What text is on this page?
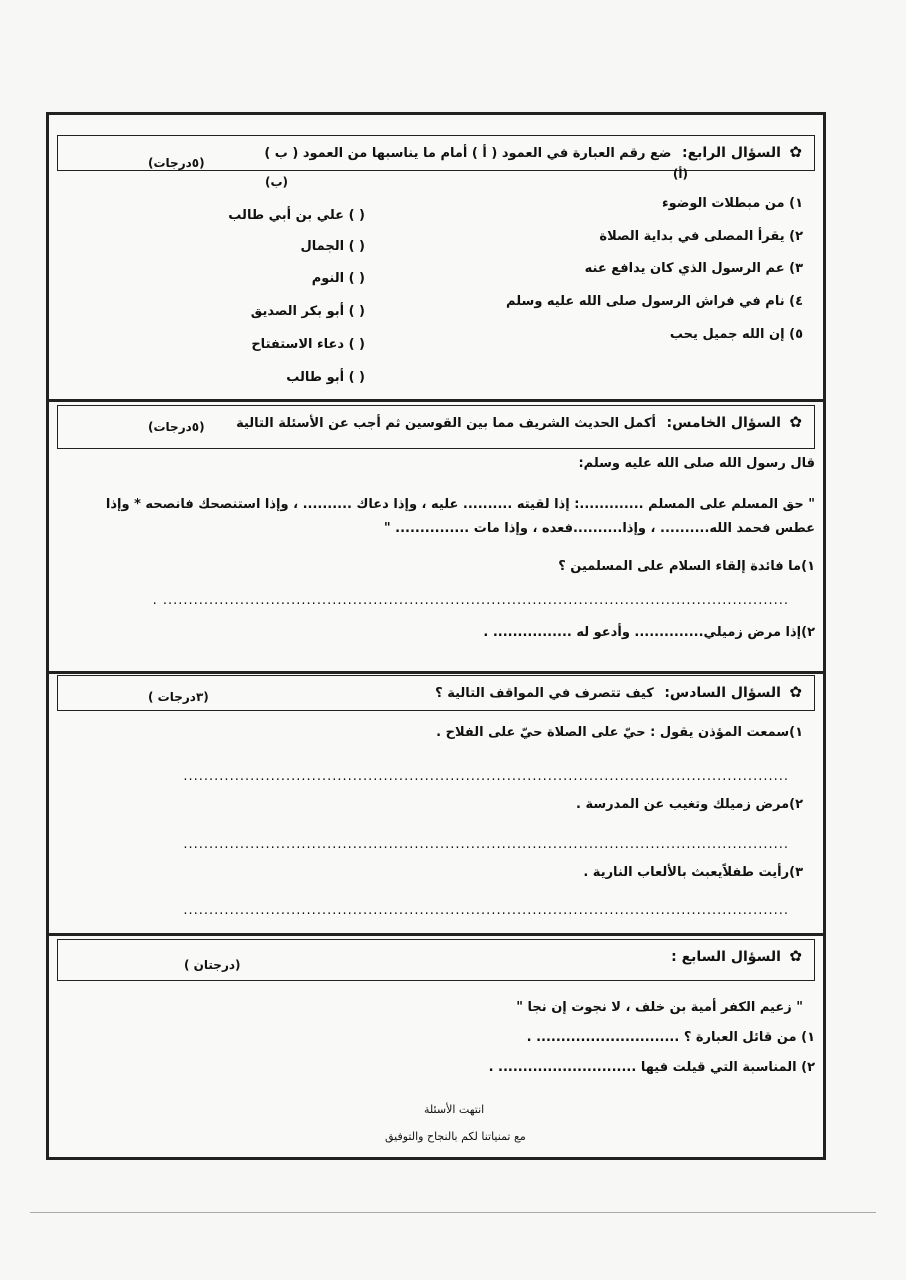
✿ السؤال الرابع: ضع رقم العبارة في العمود ( أ ) أمام ما يناسبها من العمود ( ب )
(٥درجات)
(أ)
(ب)
١) من مبطلات الوضوء
٢) يقرأ المصلى في بداية الصلاة
٣) عم الرسول الذي كان يدافع عنه
٤) نام في فراش الرسول صلى الله عليه وسلم
٥) إن الله جميل يحب
( ) علي بن أبي طالب
( ) الجمال
( ) النوم
( ) أبو بكر الصديق
( ) دعاء الاستفتاح
( ) أبو طالب
✿ السؤال الخامس: أكمل الحديث الشريف مما بين القوسين ثم أجب عن الأسئلة التالية
(٥درجات)
قال رسول الله صلى الله عليه وسلم:
" حق المسلم على المسلم .............: إذا لقيته .......... عليه ، وإذا دعاك .......... ، وإذا استنصحك فانصحه * وإذا
عطس فحمد الله.......... ، وإذا..........فعده ، وإذا مات ............... "
١)ما فائدة إلقاء السلام على المسلمين ؟
.......................................................................................................................... .
٢)إذا مرض زميلي.............. وأدعو له ................ .
✿ السؤال السادس: كيف تتصرف في المواقف التالية ؟
(٣درجات )
١)سمعت المؤذن يقول : حيّ على الصلاة حيّ على الفلاح .
......................................................................................................................
٢)مرض زميلك وتغيب عن المدرسة .
......................................................................................................................
٣)رأيت طفلاًيعبث بالألعاب النارية .
......................................................................................................................
✿ السؤال السابع :
(درجتان )
" زعيم الكفر أمية بن خلف ، لا نجوت إن نجا "
١) من قائل العبارة ؟ ............................. .
٢) المناسبة التي قيلت فيها ............................ .
انتهت الأسئلة
مع تمنياتنا لكم بالنجاح والتوفيق
